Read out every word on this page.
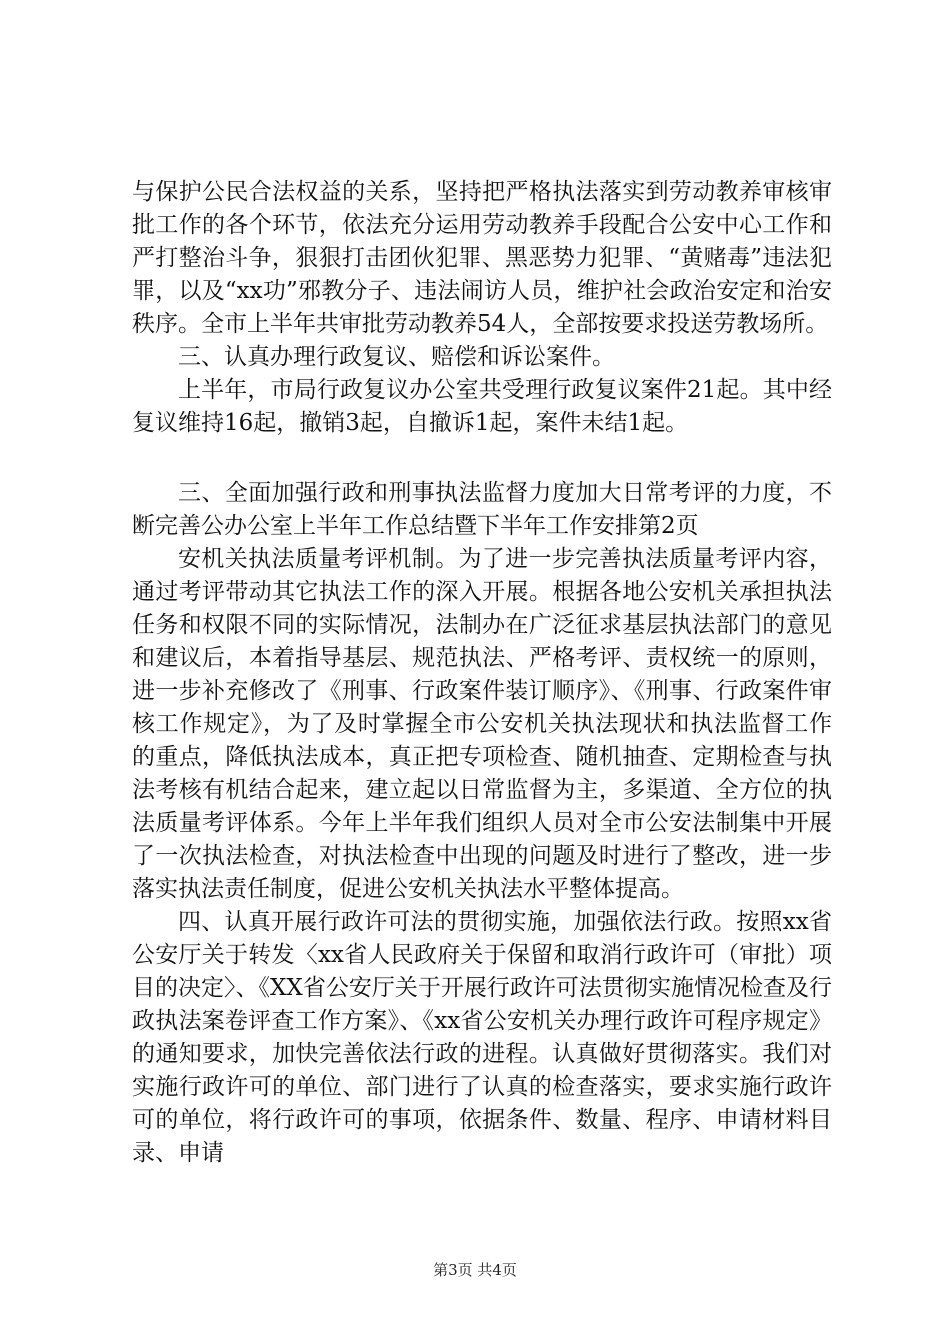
与保护公民合法权益的关系，坚持把严格执法落实到劳动教养审核审批工作的各个环节，依法充分运用劳动教养手段配合公安中心工作和严打整治斗争，狠狠打击团伙犯罪、黑恶势力犯罪、“黄赌毒”违法犯罪，以及“xx功”邪教分子、违法闹访人员，维护社会政治安定和治安秩序。全市上半年共审批劳动教养54人，全部按要求投送劳教场所。

三、认真办理行政复议、赔偿和诉讼案件。

上半年，市局行政复议办公室共受理行政复议案件21起。其中经复议维持16起，撤销3起，自撤诉1起，案件未结1起。

三、全面加强行政和刑事执法监督力度加大日常考评的力度，不断完善公办公室上半年工作总结暨下半年工作安排第2页

安机关执法质量考评机制。为了进一步完善执法质量考评内容，通过考评带动其它执法工作的深入开展。根据各地公安机关承担执法任务和权限不同的实际情况，法制办在广泛征求基层执法部门的意见和建议后，本着指导基层、规范执法、严格考评、责权统一的原则，进一步补充修改了《刑事、行政案件装订顺序》、《刑事、行政案件审核工作规定》，为了及时掌握全市公安机关执法现状和执法监督工作的重点，降低执法成本，真正把专项检查、随机抽查、定期检查与执法考核有机结合起来，建立起以日常监督为主，多渠道、全方位的执法质量考评体系。今年上半年我们组织人员对全市公安法制集中开展了一次执法检查，对执法检查中出现的问题及时进行了整改，进一步落实执法责任制度，促进公安机关执法水平整体提高。

四、认真开展行政许可法的贯彻实施，加强依法行政。按照xx省公安厅关于转发〈xx省人民政府关于保留和取消行政许可（审批）项目的决定〉、《XX省公安厅关于开展行政许可法贯彻实施情况检查及行政执法案卷评查工作方案》、《xx省公安机关办理行政许可程序规定》的通知要求，加快完善依法行政的进程。认真做好贯彻落实。我们对实施行政许可的单位、部门进行了认真的检查落实，要求实施行政许可的单位，将行政许可的事项，依据条件、数量、程序、申请材料目录、申请

第3页 共4页
